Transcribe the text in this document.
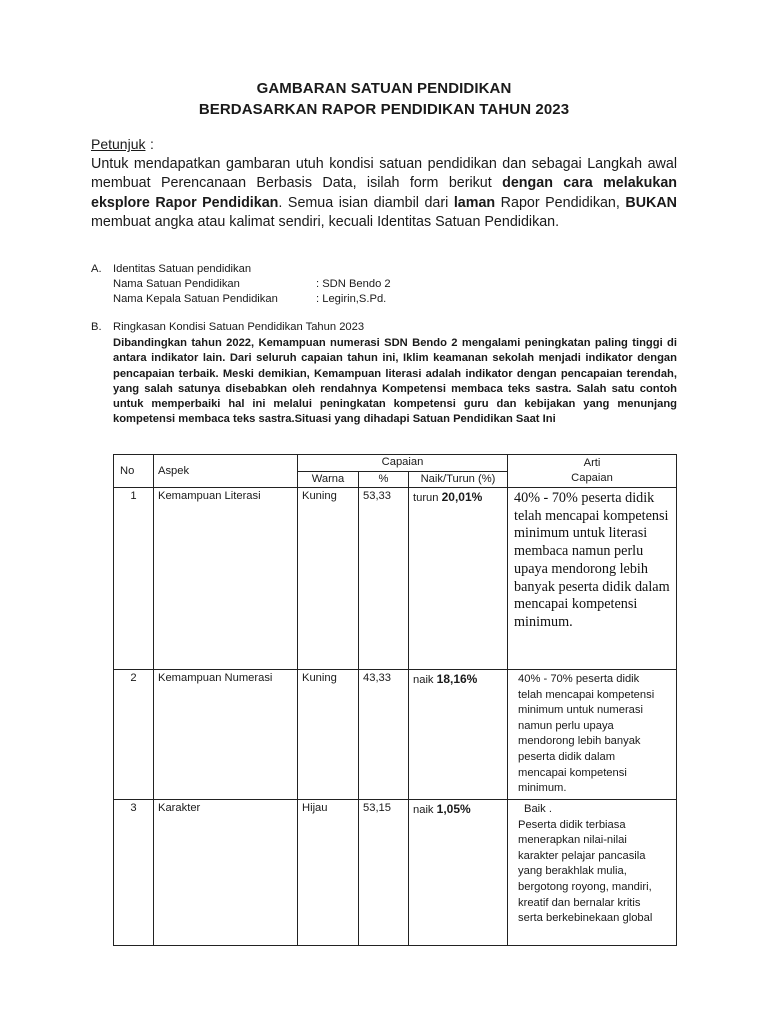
GAMBARAN SATUAN PENDIDIKAN
BERDASARKAN RAPOR PENDIDIKAN TAHUN 2023
Petunjuk :
Untuk mendapatkan gambaran utuh kondisi satuan pendidikan dan sebagai Langkah awal membuat Perencanaan Berbasis Data, isilah form berikut dengan cara melakukan eksplore Rapor Pendidikan. Semua isian diambil dari laman Rapor Pendidikan, BUKAN membuat angka atau kalimat sendiri, kecuali Identitas Satuan Pendidikan.
A. Identitas Satuan pendidikan
Nama Satuan Pendidikan	: SDN Bendo 2
Nama Kepala Satuan Pendidikan	: Legirin,S.Pd.
B. Ringkasan Kondisi Satuan Pendidikan Tahun 2023
Dibandingkan tahun 2022, Kemampuan numerasi SDN Bendo 2 mengalami peningkatan paling tinggi di antara indikator lain. Dari seluruh capaian tahun ini, Iklim keamanan sekolah menjadi indikator dengan pencapaian terbaik. Meski demikian, Kemampuan literasi adalah indikator dengan pencapaian terendah, yang salah satunya disebabkan oleh rendahnya Kompetensi membaca teks sastra. Salah satu contoh untuk memperbaiki hal ini melalui peningkatan kompetensi guru dan kebijakan yang menunjang kompetensi membaca teks sastra.Situasi yang dihadapi Satuan Pendidikan Saat Ini
No	Aspek	Capaian			Arti
Capaian

		Warna	%	Naik/Turun (%)	
1	Kemampuan Literasi	Kuning	53,33	turun 20,01%	40% - 70% peserta didik telah mencapai kompetensi minimum untuk literasi membaca namun perlu upaya mendorong lebih banyak peserta didik dalam mencapai kompetensi minimum.
2	Kemampuan Numerasi	Kuning	43,33	naik 18,16%	40% - 70% peserta didik telah mencapai kompetensi minimum untuk numerasi namun perlu upaya mendorong lebih banyak peserta didik dalam mencapai kompetensi minimum.
3	Karakter	Hijau	53,15	naik 1,05%	Baik .
Peserta didik terbiasa menerapkan nilai-nilai karakter pelajar pancasila yang berakhlak mulia, bergotong royong, mandiri, kreatif dan bernalar kritis serta berkebinekaan global
